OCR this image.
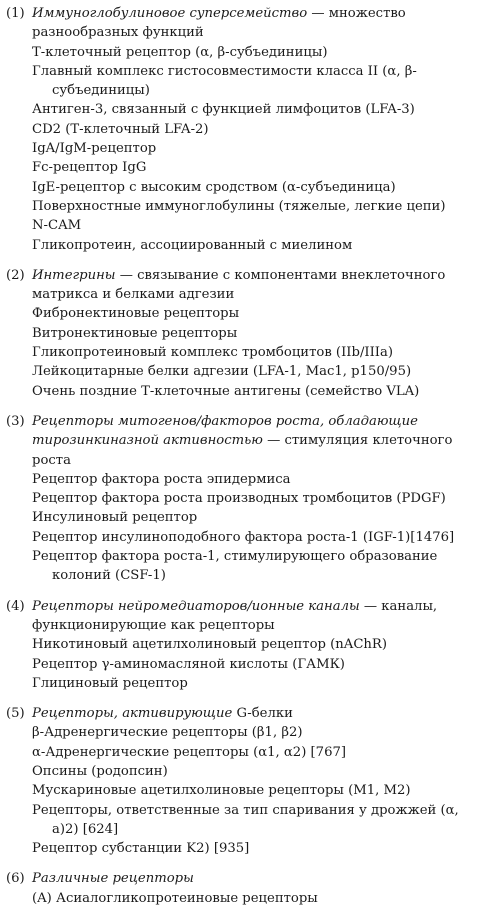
(1) Иммуноглобулиновое суперсемейство — множество разнообразных функций
Т-клеточный рецептор (α, β-субъединицы)
Главный комплекс гистосовместимости класса II (α, β-субъединицы)
Антиген-3, связанный с функцией лимфоцитов (LFA-3)
CD2 (Т-клеточный LFA-2)
IgA/IgM-рецептор
Fc-рецептор IgG
IgE-рецептор с высоким сродством (α-субъединица)
Поверхностные иммуноглобулины (тяжелые, легкие цепи)
N-CAM
Гликопротеин, ассоциированный с миелином
(2) Интегрины — связывание с компонентами внеклеточного матрикса и белками адгезии
Фибронектиновые рецепторы
Витронектиновые рецепторы
Гликопротеиновый комплекс тромбоцитов (IIb/IIIa)
Лейкоцитарные белки адгезии (LFA-1, Mac1, p150/95)
Очень поздние Т-клеточные антигены (семейство VLA)
(3) Рецепторы митогенов/факторов роста, обладающие тирозинкиназной активностью — стимуляция клеточного роста
Рецептор фактора роста эпидермиса
Рецептор фактора роста производных тромбоцитов (PDGF)
Инсулиновый рецептор
Рецептор инсулиноподобного фактора роста-1 (IGF-1)[1476]
Рецептор фактора роста-1, стимулирующего образование колоний (CSF-1)
(4) Рецепторы нейромедиаторов/ионные каналы — каналы, функционирующие как рецепторы
Никотиновый ацетилхолиновый рецептор (nAChR)
Рецептор γ-аминомасляной кислоты (ГАМК)
Глициновый рецептор
(5) Рецепторы, активирующие G-белки
β-Адренергические рецепторы (β1, β2)
α-Адренергические рецепторы (α1, α2) [767]
Опсины (родопсин)
Мускариновые ацетилхолиновые рецепторы (M1, M2)
Рецепторы, ответственные за тип спаривания у дрожжей (α, a)2) [624]
Рецептор субстанции K2) [935]
(6) Различные рецепторы
(A) Асиалогликопротеиновые рецепторы
